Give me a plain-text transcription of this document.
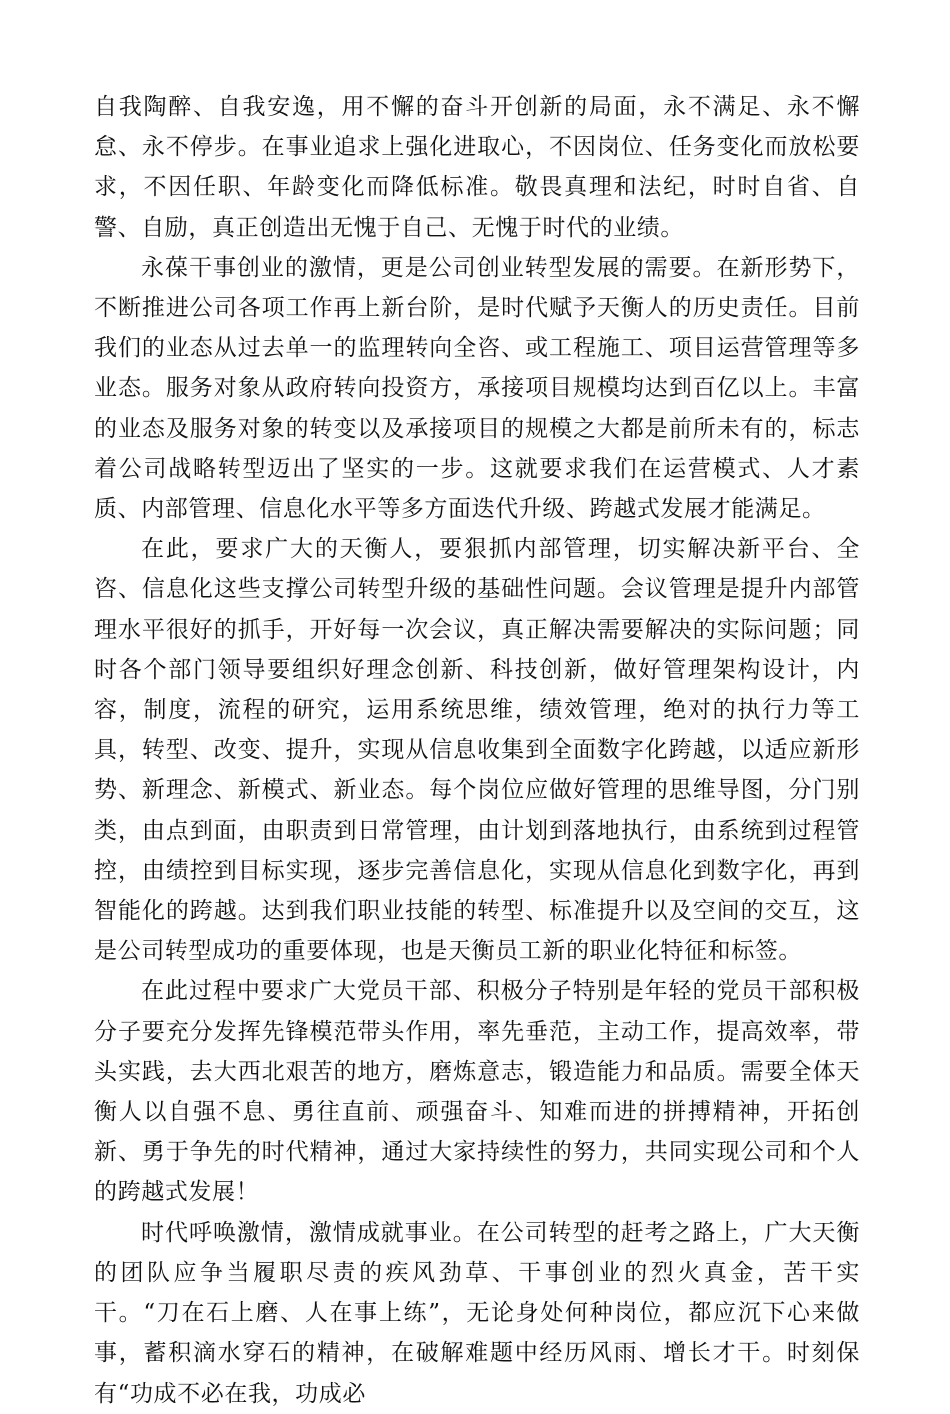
自我陶醉、自我安逸，用不懈的奋斗开创新的局面，永不满足、永不懈怠、永不停步。在事业追求上强化进取心，不因岗位、任务变化而放松要求，不因任职、年龄变化而降低标准。敬畏真理和法纪，时时自省、自警、自励，真正创造出无愧于自己、无愧于时代的业绩。

永葆干事创业的激情，更是公司创业转型发展的需要。在新形势下，不断推进公司各项工作再上新台阶，是时代赋予天衡人的历史责任。目前我们的业态从过去单一的监理转向全咨、或工程施工、项目运营管理等多业态。服务对象从政府转向投资方，承接项目规模均达到百亿以上。丰富的业态及服务对象的转变以及承接项目的规模之大都是前所未有的，标志着公司战略转型迈出了坚实的一步。这就要求我们在运营模式、人才素质、内部管理、信息化水平等多方面迭代升级、跨越式发展才能满足。

在此，要求广大的天衡人，要狠抓内部管理，切实解决新平台、全咨、信息化这些支撑公司转型升级的基础性问题。会议管理是提升内部管理水平很好的抓手，开好每一次会议，真正解决需要解决的实际问题；同时各个部门领导要组织好理念创新、科技创新，做好管理架构设计，内容，制度，流程的研究，运用系统思维，绩效管理，绝对的执行力等工具，转型、改变、提升，实现从信息收集到全面数字化跨越，以适应新形势、新理念、新模式、新业态。每个岗位应做好管理的思维导图，分门别类，由点到面，由职责到日常管理，由计划到落地执行，由系统到过程管控，由绩控到目标实现，逐步完善信息化，实现从信息化到数字化，再到智能化的跨越。达到我们职业技能的转型、标准提升以及空间的交互，这是公司转型成功的重要体现，也是天衡员工新的职业化特征和标签。

在此过程中要求广大党员干部、积极分子特别是年轻的党员干部积极分子要充分发挥先锋模范带头作用，率先垂范，主动工作，提高效率，带头实践，去大西北艰苦的地方，磨炼意志，锻造能力和品质。需要全体天衡人以自强不息、勇往直前、顽强奋斗、知难而进的拼搏精神，开拓创新、勇于争先的时代精神，通过大家持续性的努力，共同实现公司和个人的跨越式发展！

时代呼唤激情，激情成就事业。在公司转型的赶考之路上，广大天衡的团队应争当履职尽责的疾风劲草、干事创业的烈火真金，苦干实干。“刀在石上磨、人在事上练”，无论身处何种岗位，都应沉下心来做事，蓄积滴水穿石的精神，在破解难题中经历风雨、增长才干。时刻保有“功成不必在我，功成必
